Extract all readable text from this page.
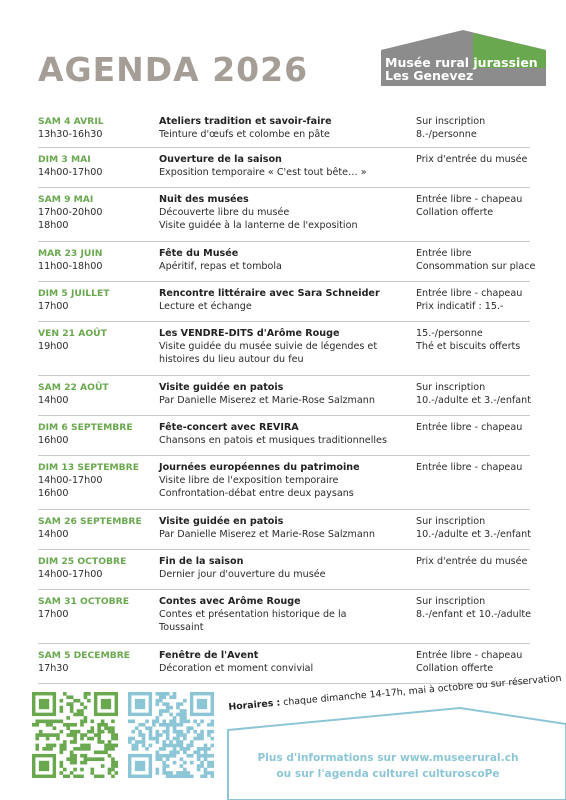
AGENDA 2026	Musée rural jurassien
Les Genevez
SAM 4 AVRIL
13h30-16h30
Ateliers tradition et savoir-faire
Teinture d'œufs et colombe en pâte
Sur inscription
8.-/personne
DIM 3 MAI
14h00-17h00
Ouverture de la saison
Exposition temporaire « C'est tout bête… »
Prix d'entrée du musée
SAM 9 MAI
17h00-20h00
18h00
Nuit des musées
Découverte libre du musée
Visite guidée à la lanterne de l'exposition
Entrée libre - chapeau
Collation offerte
MAR 23 JUIN
11h00-18h00
Fête du Musée
Apéritif, repas et tombola
Entrée libre
Consommation sur place
DIM 5 JUILLET
17h00
Rencontre littéraire avec Sara Schneider
Lecture et échange
Entrée libre - chapeau
Prix indicatif : 15.-
VEN 21 AOÛT
19h00
Les VENDRE-DITS d'Arôme Rouge
Visite guidée du musée suivie de légendes et
histoires du lieu autour du feu
15.-/personne
Thé et biscuits offerts
SAM 22 AOÛT
14h00
Visite guidée en patois
Par Danielle Miserez et Marie-Rose Salzmann
Sur inscription
10.-/adulte et 3.-/enfant
DIM 6 SEPTEMBRE
16h00
Fête-concert avec REVIRA
Chansons en patois et musiques traditionnelles
Entrée libre - chapeau
DIM 13 SEPTEMBRE
14h00-17h00
16h00
Journées européennes du patrimoine
Visite libre de l'exposition temporaire
Confrontation-débat entre deux paysans
Entrée libre - chapeau
SAM 26 SEPTEMBRE
14h00
Visite guidée en patois
Par Danielle Miserez et Marie-Rose Salzmann
Sur inscription
10.-/adulte et 3.-/enfant
DIM 25 OCTOBRE
14h00-17h00
Fin de la saison
Dernier jour d'ouverture du musée
Prix d'entrée du musée
SAM 31 OCTOBRE
17h00
Contes avec Arôme Rouge
Contes et présentation historique de la
Toussaint
Sur inscription
8.-/enfant et 10.-/adulte
SAM 5 DECEMBRE
17h30
Fenêtre de l'Avent
Décoration et moment convivial
Entrée libre - chapeau
Collation offerte
Horaires : chaque dimanche 14-17h, mai à octobre ou sur réservation
Plus d'informations sur www.museerural.ch
ou sur l'agenda culturel culturoscoPe
